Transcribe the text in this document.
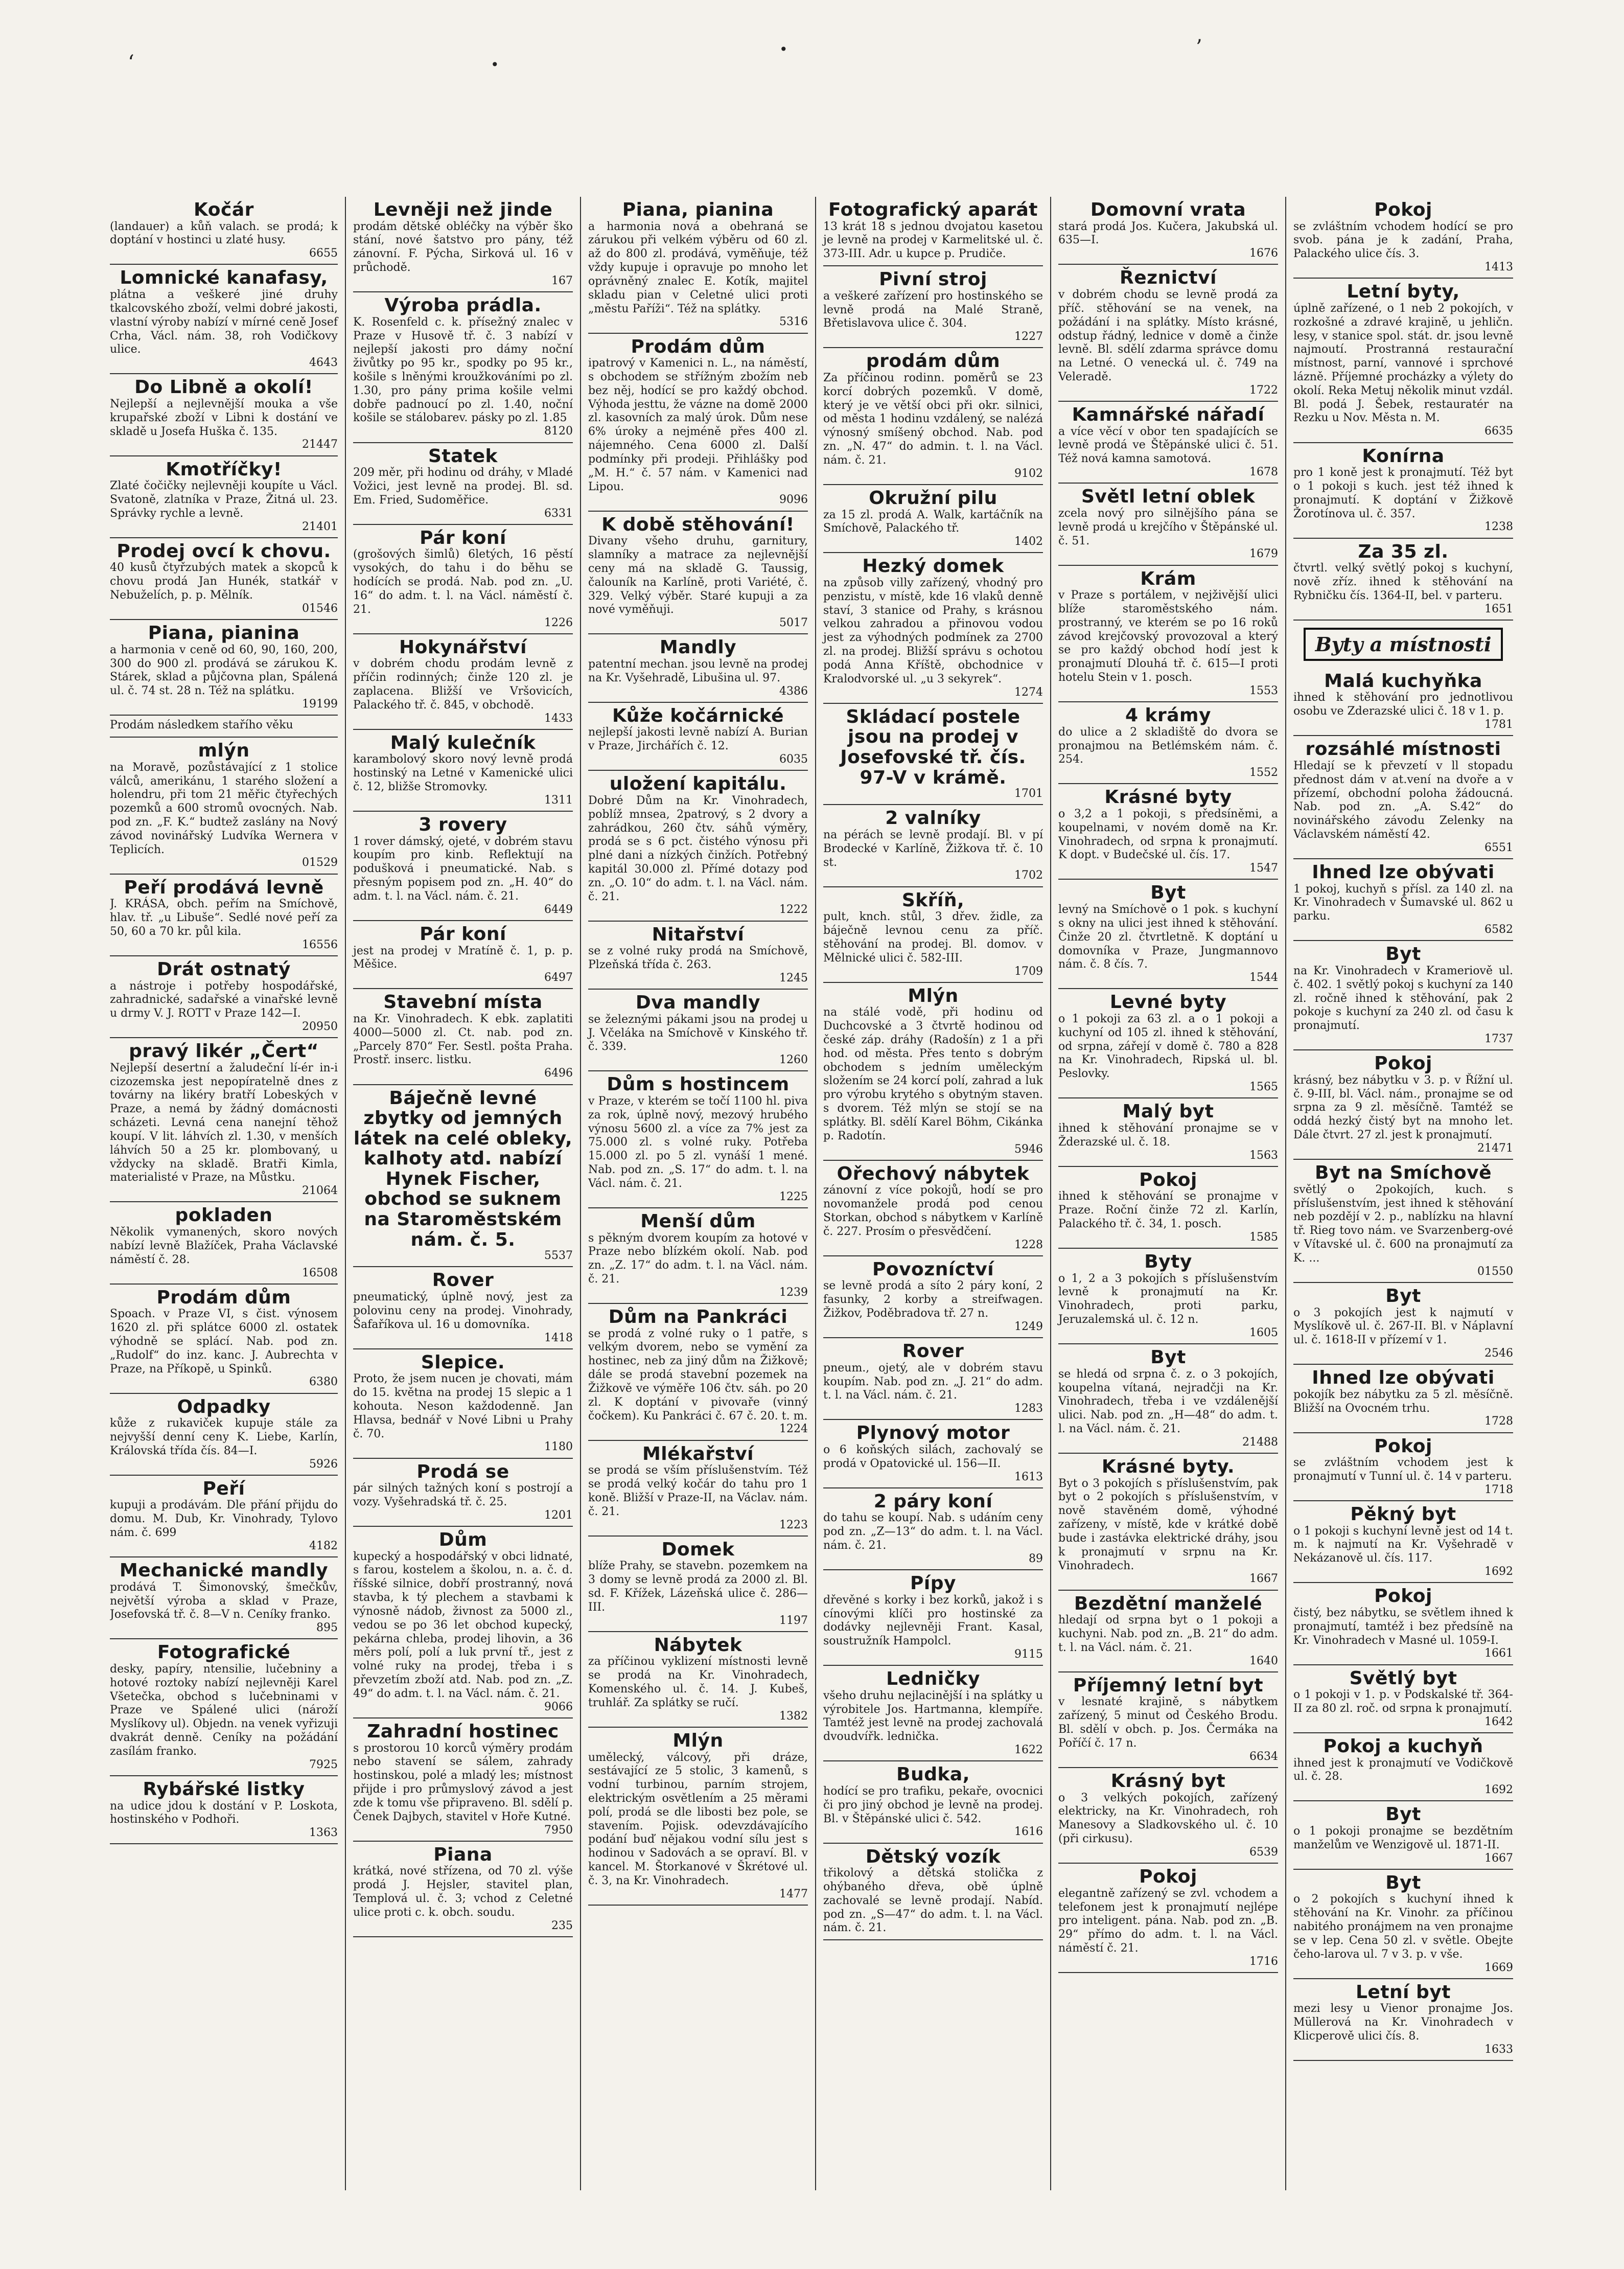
‘	•
•	’
Kočár
(landauer) a kůň valach. se prodá; k doptání v hostinci u zlaté husy.
6655
Lomnické kanafasy,
plátna a veškeré jiné druhy tkalcovského zboží, velmi dobré jakosti, vlastní výroby nabízí v mírné ceně Josef Crha, Václ. nám. 38, roh Vodičkovy ulice.
4643
Do Libně a okolí!
Nejlepší a nejlevnější mouka a vše krupařské zboží v Libni k dostání ve skladě u Josefa Huška č. 135.
21447
Kmotříčky!
Zlaté čočičky nejlevněji koupíte u Václ. Svatoně, zlatníka v Praze, Žitná ul. 23. Správky rychle a levně.
21401
Prodej ovcí k chovu.
40 kusů čtyřzubých matek a skopců k chovu prodá Jan Hunék, statkář v Nebuželích, p. p. Mělník.
01546
Piana, pianina
a harmonia v ceně od 60, 90, 160, 200, 300 do 900 zl. prodává se zárukou K. Stárek, sklad a půjčovna plan, Spálená ul. č. 74 st. 28 n. Též na splátku.
19199
Prodám následkem stařího věku
mlýn
na Moravě, pozůstávající z 1 stolice válců, amerikánu, 1 starého složení a holendru, při tom 21 měřic čtyřechých pozemků a 600 stromů ovocných. Nab. pod zn. „F. K.“ budtež zaslány na Nový závod novinářský Ludvíka Wernera v Teplicích.
01529
Peří prodává levně
J. KRÁSA, obch. peřím na Smíchově, hlav. tř. „u Libuše“. Sedlé nové peří za 50, 60 a 70 kr. půl kila.
16556
Drát ostnatý
a nástroje i potřeby hospodářské, zahradnické, sadařské a vinařské levně u drmy V. J. ROTT v Praze 142—I.
20950
pravý likér „Čert“
Nejlepší desertní a žaludeční lí-ér in-i cizozemska jest nepopíratelně dnes z továrny na likéry bratří Lobeských v Praze, a nemá by žádný domácnosti scházeti. Levná cena nanejní těhož koupí. V lit. láhvích zl. 1.30, v menších láhvích 50 a 25 kr. plombovaný, u vždycky na skladě. Bratři Kimla, materialisté v Praze, na Můstku.
21064
pokladen
Několik vymanených, skoro nových nabízí levně Blažíček, Praha Václavské náměstí č. 28.
16508
Prodám dům
Spoach. v Praze VI, s čist. výnosem 1620 zl. při splátce 6000 zl. ostatek výhodně se splácí. Nab. pod zn. „Rudolf“ do inz. kanc. J. Aubrechta v Praze, na Příkopě, u Spinků.
6380
Odpadky
kůže z rukaviček kupuje stále za nejvyšší denní ceny K. Liebe, Karlín, Královská třída čís. 84—I.
5926
Peří
kupuji a prodávám. Dle přání přijdu do domu. M. Dub, Kr. Vinohrady, Tylovo nám. č. 699
4182
Mechanické mandly
prodává T. Šimonovský, šmečkův, největší výroba a sklad v Praze, Josefovská tř. č. 8—V n. Ceníky franko.
895
Fotografické
desky, papíry, ntensilie, lučebniny a hotové roztoky nabízí nejlevněji Karel Všetečka, obchod s lučebninami v Praze ve Spálené ulici (nároží Myslíkovy ul). Objedn. na venek vyřizuji dvakrát denně. Ceníky na požádání zasílám franko.
7925
Rybářské listky
na udice jdou k dostání v P. Loskota, hostinského v Podhoři.
1363
Levněji než jinde
prodám dětské obléčky na výběr ško stání, nové šatstvo pro pány, též zánovní. F. Pýcha, Sirková ul. 16 v průchodě.
167
Výroba prádla.
K. Rosenfeld c. k. přísežný znalec v Praze v Husově tř. č. 3 nabízí v nejlepší jakosti pro dámy noční živůtky po 95 kr., spodky po 95 kr., košile s lněnými kroužkováními po zl. 1.30, pro pány prima košile velmi dobře padnoucí po zl. 1.40, noční košile se stálobarev. pásky po zl. 1.85
8120
Statek
209 měr, při hodinu od dráhy, v Mladé Vožici, jest levně na prodej. Bl. sd. Em. Fried, Sudoměřice.
6331
Pár koní
(grošových šimlů) 6letých, 16 pěstí vysokých, do tahu i do běhu se hodících se prodá. Nab. pod zn. „U. 16“ do adm. t. l. na Václ. náměstí č. 21.
1226
Hokynářství
v dobrém chodu prodám levně z příčin rodinných; činže 120 zl. je zaplacena. Bližší ve Vršovicích, Palackého tř. č. 845, v obchodě.
1433
Malý kulečník
karambolový skoro nový levně prodá hostinský na Letné v Kamenické ulici č. 12, bližše Stromovky.
1311
3 rovery
1 rover dámský, ojeté, v dobrém stavu koupím pro kinb. Reflektují na podušková i pneumatické. Nab. s přesným popisem pod zn. „H. 40“ do adm. t. l. na Václ. nám. č. 21.
6449
Pár koní
jest na prodej v Mratíně č. 1, p. p. Měšice.
6497
Stavební místa
na Kr. Vinohradech. K ebk. zaplatiti 4000—5000 zl. Ct. nab. pod zn. „Parcely 870“ Fer. Sestl. pošta Praha. Prostř. inserc. listku.
6496
Báječně levné zbytky od jemných látek na celé obleky, kalhoty atd. nabízí Hynek Fischer, obchod se suknem na Staroměstském nám. č. 5.
5537
Rover
pneumatický, úplně nový, jest za polovinu ceny na prodej. Vinohrady, Šafaříkova ul. 16 u domovníka.
1418
Slepice.
Proto, že jsem nucen je chovati, mám do 15. května na prodej 15 slepic a 1 kohouta. Neson každodenně. Jan Hlavsa, bednář v Nové Libni u Prahy č. 70.
1180
Prodá se
pár silných tažných koní s postrojí a vozy. Vyšehradská tř. č. 25.
1201
Dům
kupecký a hospodářský v obci lidnaté, s farou, kostelem a školou, n. a. č. d. říšské silnice, dobří prostranný, nová stavba, k tý plechem a stavbami k výnosně nádob, živnost za 5000 zl., vedou se po 36 let obchod kupecký, pekárna chleba, prodej lihovin, a 36 měrs polí, polí a luk první tř., jest z volné ruky na prodej, třeba i s převzetím zboží atd. Nab. pod zn. „Z. 49“ do adm. t. l. na Václ. nám. č. 21.
9066
Zahradní hostinec
s prostorou 10 korců výměry prodám nebo stavení se sálem, zahrady hostinskou, polé a mladý les; místnost přijde i pro průmyslový závod a jest zde k tomu vše připraveno. Bl. sdělí p. Čenek Dajbych, stavitel v Hoře Kutné.
7950
Piana
krátká, nové střízena, od 70 zl. výše prodá J. Hejsler, stavitel plan, Templová ul. č. 3; vchod z Celetné ulice proti c. k. obch. soudu.
235
Piana, pianina
a harmonia nová a obehraná se zárukou při velkém výběru od 60 zl. až do 800 zl. prodává, vyměňuje, též vždy kupuje i opravuje po mnoho let oprávněný znalec E. Kotík, majitel skladu pian v Celetné ulici proti „městu Paříži“. Též na splátky.
5316
Prodám dům
ipatrový v Kamenici n. L., na náměstí, s obchodem se střížným zbožím neb bez něj, hodící se pro každý obchod. Výhoda jesttu, že vázne na domě 2000 zl. kasovních za malý úrok. Dům nese 6% úroky a nejméně přes 400 zl. nájemného. Cena 6000 zl. Další podmínky při prodeji. Přihlášky pod „M. H.“ č. 57 nám. v Kamenici nad Lipou.
9096
K době stěhování!
Divany všeho druhu, garnitury, slamníky a matrace za nejlevnější ceny má na skladě G. Taussig, čalouník na Karlíně, proti Variété, č. 329. Velký výběr. Staré kupuji a za nové vyměňuji.
5017
Mandly
patentní mechan. jsou levně na prodej na Kr. Vyšehradě, Libušina ul. 97.
4386
Kůže kočárnické
nejlepší jakosti levně nabízí A. Burian v Praze, Jirchářích č. 12.
6035
uložení kapitálu.
Dobré Dům na Kr. Vinohradech, poblíž mnsea, 2patrový, s 2 dvory a zahrádkou, 260 čtv. sáhů výměry, prodá se s 6 pct. čistého výnosu při plné dani a nízkých činžích. Potřebný kapitál 30.000 zl. Přímé dotazy pod zn. „O. 10“ do adm. t. l. na Václ. nám. č. 21.
1222
Nitařství
se z volné ruky prodá na Smíchově, Plzeňská třída č. 263.
1245
Dva mandly
se železnými pákami jsou na prodej u J. Včeláka na Smíchově v Kinského tř. č. 339.
1260
Dům s hostincem
v Praze, v kterém se točí 1100 hl. piva za rok, úplně nový, mezový hrubého výnosu 5600 zl. a více za 7% jest za 75.000 zl. s volné ruky. Potřeba 15.000 zl. po 5 zl. vynáší 1 mené. Nab. pod zn. „S. 17“ do adm. t. l. na Václ. nám. č. 21.
1225
Menší dům
s pěkným dvorem koupím za hotové v Praze nebo blízkém okolí. Nab. pod zn. „Z. 17“ do adm. t. l. na Václ. nám. č. 21.
1239
Dům na Pankráci
se prodá z volné ruky o 1 patře, s velkým dvorem, nebo se vymění za hostinec, neb za jiný dům na Žižkově; dále se prodá stavební pozemek na Žižkově ve výměře 106 čtv. sáh. po 20 zl. K doptání v pivovaře (vinný čočkem). Ku Pankráci č. 67 č. 20. t. m.
1224
Mlékařství
se prodá se vším příslušenstvím. Též se prodá velký kočár do tahu pro 1 koně. Bližší v Praze-II, na Václav. nám. č. 21.
1223
Domek
blíže Prahy, se stavebn. pozemkem na 3 domy se levně prodá za 2000 zl. Bl. sd. F. Křížek, Lázeňská ulice č. 286—III.
1197
Nábytek
za příčinou vyklizení místnosti levně se prodá na Kr. Vinohradech, Komenského ul. č. 14. J. Kubeš, truhlář. Za splátky se ručí.
1382
Mlýn
umělecký, válcový, při dráze, sestávající ze 5 stolic, 3 kamenů, s vodní turbinou, parním strojem, elektrickým osvětlením a 25 měrami polí, prodá se dle libosti bez pole, se stavením. Pojisk. odevzdávajícího podání buď nějakou vodní sílu jest s hodinou v Sadovách a se opraví. Bl. v kancel. M. Štorkanové v Škrétové ul. č. 3, na Kr. Vinohradech.
1477
Fotografický aparát
13 krát 18 s jednou dvojatou kasetou je levně na prodej v Karmelitské ul. č. 373-III. Adr. u kupce p. Prudiče.
Pivní stroj
a veškeré zařízení pro hostinského se levně prodá na Malé Straně, Břetislavova ulice č. 304.
1227
prodám dům
Za příčinou rodinn. poměrů se 23 korcí dobrých pozemků. V domě, který je ve větší obci při okr. silnici, od města 1 hodinu vzdálený, se nalézá výnosný smíšený obchod. Nab. pod zn. „N. 47“ do admin. t. l. na Václ. nám. č. 21.
9102
Okružní pilu
za 15 zl. prodá A. Walk, kartáčník na Smíchově, Palackého tř.
1402
Hezký domek
na způsob villy zařízený, vhodný pro penzistu, v místě, kde 16 vlaků denně staví, 3 stanice od Prahy, s krásnou velkou zahradou a přinovou vodou jest za výhodných podmínek za 2700 zl. na prodej. Bližší správu s ochotou podá Anna Kříště, obchodnice v Kralodvorské ul. „u 3 sekyrek“.
1274
Skládací postele jsou na prodej v Josefovské tř. čís. 97-V v krámě.
1701
2 valníky
na pérách se levně prodají. Bl. v pí Brodecké v Karlíně, Žižkova tř. č. 10 st.
1702
Skříň,
pult, knch. stůl, 3 dřev. židle, za báječně levnou cenu za příč. stěhování na prodej. Bl. domov. v Mělnické ulici č. 582-III.
1709
Mlýn
na stálé vodě, při hodinu od Duchcovské a 3 čtvrtě hodinou od české záp. dráhy (Radošín) z 1 a při hod. od města. Přes tento s dobrým obchodem s jedním uměleckým složením se 24 korcí polí, zahrad a luk pro výrobu krytého s obytným staven. s dvorem. Též mlýn se stojí se na splátky. Bl. sdělí Karel Böhm, Cikánka p. Radotín.
5946
Ořechový nábytek
zánovní z více pokojů, hodí se pro novomanžele prodá pod cenou Storkan, obchod s nábytkem v Karlíně č. 227. Prosím o přesvědčení.
1228
Povozníctví
se levně prodá a síto 2 páry koní, 2 fasunky, 2 korby a streifwagen. Žižkov, Poděbradova tř. 27 n.
1249
Rover
pneum., ojetý, ale v dobrém stavu koupím. Nab. pod zn. „J. 21“ do adm. t. l. na Václ. nám. č. 21.
1283
Plynový motor
o 6 koňských silách, zachovalý se prodá v Opatovické ul. 156—II.
1613
2 páry koní
do tahu se koupí. Nab. s udáním ceny pod zn. „Z—13“ do adm. t. l. na Václ. nám. č. 21.
89
Pípy
dřevěné s korky i bez korků, jakož i s cínovými klíči pro hostinské za dodávky nejlevněji Frant. Kasal, soustružník Hampolcl.
9115
Ledničky
všeho druhu nejlacinější i na splátky u výrobitele Jos. Hartmanna, klempíře. Tamtéž jest levně na prodej zachovalá dvoudvířk. lednička.
1622
Budka,
hodící se pro trafiku, pekaře, ovocnici či pro jiný obchod je levně na prodej. Bl. v Štěpánské ulici č. 542.
1616
Dětský vozík
třikolový a dětská stolička z ohýbaného dřeva, obě úplně zachovalé se levně prodají. Nabíd. pod zn. „S—47“ do adm. t. l. na Václ. nám. č. 21.
Domovní vrata
stará prodá Jos. Kučera, Jakubská ul. 635—I.
1676
Řeznictví
v dobrém chodu se levně prodá za příč. stěhování se na venek, na požádání i na splátky. Místo krásné, odstup řádný, lednice v domě a činže levně. Bl. sdělí zdarma správce domu na Letné. O venecká ul. č. 749 na Veleradě.
1722
Kamnářské nářadí
a více věcí v obor ten spadajících se levně prodá ve Štěpánské ulici č. 51. Též nová kamna samotová.
1678
Světl letní oblek
zcela nový pro silnějšího pána se levně prodá u krejčího v Štěpánské ul. č. 51.
1679
Krám
v Praze s portálem, v nejživější ulici blíže staroměstského nám. prostranný, ve kterém se po 16 roků závod krejčovský provozoval a který se pro každý obchod hodí jest k pronajmutí Dlouhá tř. č. 615—I proti hotelu Stein v 1. posch.
1553
4 krámy
do ulice a 2 skladiště do dvora se pronajmou na Betlémském nám. č. 254.
1552
Krásné byty
o 3,2 a 1 pokoji, s předsíněmi, a koupelnami, v novém domě na Kr. Vinohradech, od srpna k pronajmutí. K dopt. v Budečské ul. čís. 17.
1547
Byt
levný na Smíchově o 1 pok. s kuchyní s okny na ulici jest ihned k stěhování. Činže 20 zl. čtvrtletně. K doptání u domovníka v Praze, Jungmannovo nám. č. 8 čís. 7.
1544
Levné byty
o 1 pokoji za 63 zl. a o 1 pokoji a kuchyní od 105 zl. ihned k stěhování, od srpna, zářejí v domě č. 780 a 828 na Kr. Vinohradech, Ripská ul. bl. Peslovky.
1565
Malý byt
ihned k stěhování pronajme se v Žderazské ul. č. 18.
1563
Pokoj
ihned k stěhování se pronajme v Praze. Roční činže 72 zl. Karlín, Palackého tř. č. 34, 1. posch.
1585
Byty
o 1, 2 a 3 pokojích s příslušenstvím levně k pronajmutí na Kr. Vinohradech, proti parku, Jeruzalemská ul. č. 12 n.
1605
Byt
se hledá od srpna č. z. o 3 pokojích, koupelna vítaná, nejradčji na Kr. Vinohradech, třeba i ve vzdálenější ulici. Nab. pod zn. „H—48“ do adm. t. l. na Václ. nám. č. 21.
21488
Krásné byty.
Byt o 3 pokojích s příslušenstvím, pak byt o 2 pokojích s příslušenstvím, v nově stavěném domě, výhodné zařízeny, v místě, kde v krátké době bude i zastávka elektrické dráhy, jsou k pronajmutí v srpnu na Kr. Vinohradech.
1667
Bezdětní manželé
hledají od srpna byt o 1 pokoji a kuchyni. Nab. pod zn. „B. 21“ do adm. t. l. na Václ. nám. č. 21.
1640
Příjemný letní byt
v lesnaté krajině, s nábytkem zařízený, 5 minut od Českého Brodu. Bl. sdělí v obch. p. Jos. Čermáka na Poříčí č. 17 n.
6634
Krásný byt
o 3 velkých pokojích, zařízený elektricky, na Kr. Vinohradech, roh Manesovy a Sladkovského ul. č. 10 (při cirkusu).
6539
Pokoj
elegantně zařízený se zvl. vchodem a telefonem jest k pronajmutí nejlépe pro inteligent. pána. Nab. pod zn. „B. 29“ přímo do adm. t. l. na Václ. náměstí č. 21.
1716
Pokoj
se zvláštním vchodem hodící se pro svob. pána je k zadání, Praha, Palackého ulice čís. 3.
1413
Letní byty,
úplně zařízené, o 1 neb 2 pokojích, v rozkošné a zdravé krajině, u jehličn. lesy, v stanice spol. stát. dr. jsou levně najmoutí. Prostranná restaurační místnost, parní, vannové i sprchové lázně. Příjemné procházky a výlety do okolí. Reka Metuj několik minut vzdál. Bl. podá J. Šebek, restauratér na Rezku u Nov. Města n. M.
6635
Konírna
pro 1 koně jest k pronajmutí. Též byt o 1 pokoji s kuch. jest též ihned k pronajmutí. K doptání v Žižkově Žorotínova ul. č. 357.
1238
Za 35 zl.
čtvrtl. velký světlý pokoj s kuchyní, nově zříz. ihned k stěhování na Rybničku čís. 1364-II, bel. v parteru.
1651
Byty a místnosti
Malá kuchyňka
ihned k stěhování pro jednotlivou osobu ve Zderazské ulici č. 18 v 1. p.
1781
rozsáhlé místnosti
Hledají se k převzetí v ll stopadu přednost dám v at.vení na dvoře a v přízemí, obchodní poloha žádoucná. Nab. pod zn. „A. S.42“ do novinářského závodu Zelenky na Václavském náměstí 42.
6551
Ihned lze obývati
1 pokoj, kuchyň s přísl. za 140 zl. na Kr. Vinohradech v Šumavské ul. 862 u parku.
6582
Byt
na Kr. Vinohradech v Krameriově ul. č. 402. 1 světlý pokoj s kuchyní za 140 zl. ročně ihned k stěhování, pak 2 pokoje s kuchyní za 240 zl. od času k pronajmutí.
1737
Pokoj
krásný, bez nábytku v 3. p. v Řížní ul. č. 9-III, bl. Václ. nám., pronajme se od srpna za 9 zl. měsíčně. Tamtéž se oddá hezký čistý byt na mnoho let. Dále čtvrt. 27 zl. jest k pronajmutí.
21471
Byt na Smíchově
světlý o 2pokojích, kuch. s příslušenstvím, jest ihned k stěhování neb pozdějí v 2. p., nablízku na hlavní tř. Rieg tovo nám. ve Svarzenberg-ové v Vítavské ul. č. 600 na pronajmutí za K. ...
01550
Byt
o 3 pokojích jest k najmutí v Myslíkově ul. č. 267-II. Bl. v Náplavní ul. č. 1618-II v přízemí v 1.
2546
Ihned lze obývati
pokojík bez nábytku za 5 zl. měsíčně. Bližší na Ovocném trhu.
1728
Pokoj
se zvláštním vchodem jest k pronajmutí v Tunní ul. č. 14 v parteru.
1718
Pěkný byt
o 1 pokoji s kuchyní levně jest od 14 t. m. k najmutí na Kr. Vyšehradě v Nekázanově ul. čís. 117.
1692
Pokoj
čistý, bez nábytku, se světlem ihned k pronajmutí, tamtéž i bez předsíně na Kr. Vinohradech v Masné ul. 1059-I.
1661
Světlý byt
o 1 pokoji v 1. p. v Podskalské tř. 364-II za 80 zl. roč. od srpna k pronajmutí.
1642
Pokoj a kuchyň
ihned jest k pronajmutí ve Vodičkově ul. č. 28.
1692
Byt
o 1 pokoji pronajme se bezdětním manželům ve Wenzigově ul. 1871-II.
1667
Byt
o 2 pokojích s kuchyní ihned k stěhování na Kr. Vinohr. za příčinou nabitého pronájmem na ven pronajme se v lep. Cena 50 zl. v světle. Obejte čeho-larova ul. 7 v 3. p. v vše.
1669
Letní byt
mezi lesy u Vienor pronajme Jos. Müllerová na Kr. Vinohradech v Klicperově ulici čís. 8.
1633
